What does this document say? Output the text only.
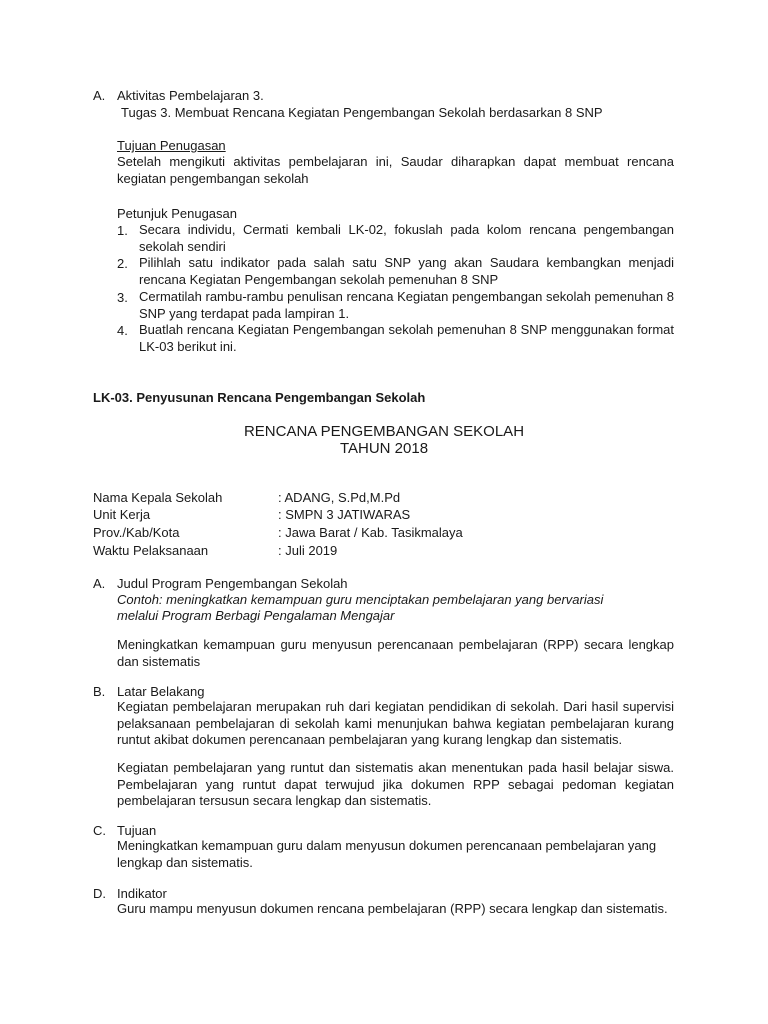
A. Aktivitas Pembelajaran 3.
Tugas 3. Membuat Rencana Kegiatan Pengembangan Sekolah berdasarkan 8 SNP
Tujuan Penugasan
Setelah mengikuti aktivitas pembelajaran ini, Saudar diharapkan dapat membuat rencana kegiatan pengembangan sekolah
Petunjuk Penugasan
1. Secara individu, Cermati kembali LK-02, fokuslah pada kolom rencana pengembangan sekolah sendiri
2. Pilihlah satu indikator pada salah satu SNP yang akan Saudara kembangkan menjadi rencana Kegiatan Pengembangan sekolah pemenuhan 8 SNP
3. Cermatilah rambu-rambu penulisan rencana Kegiatan pengembangan sekolah pemenuhan 8 SNP yang terdapat pada lampiran 1.
4. Buatlah rencana Kegiatan Pengembangan sekolah pemenuhan 8 SNP menggunakan format LK-03 berikut ini.
LK-03. Penyusunan Rencana Pengembangan Sekolah
RENCANA PENGEMBANGAN SEKOLAH
TAHUN 2018
Nama Kepala Sekolah	: ADANG, S.Pd,M.Pd
Unit Kerja	: SMPN 3 JATIWARAS
Prov./Kab/Kota	: Jawa Barat / Kab. Tasikmalaya
Waktu Pelaksanaan	: Juli 2019
A. Judul Program Pengembangan Sekolah
Contoh: meningkatkan kemampuan guru menciptakan pembelajaran yang bervariasi
melalui Program Berbagi Pengalaman Mengajar
Meningkatkan kemampuan guru menyusun perencanaan pembelajaran (RPP) secara lengkap dan sistematis
B. Latar Belakang
Kegiatan pembelajaran merupakan ruh dari kegiatan pendidikan di sekolah. Dari hasil supervisi pelaksanaan pembelajaran di sekolah kami menunjukan bahwa kegiatan pembelajaran kurang runtut akibat dokumen perencanaan pembelajaran yang kurang lengkap dan sistematis.
Kegiatan pembelajaran yang runtut dan sistematis akan menentukan pada hasil belajar siswa. Pembelajaran yang runtut dapat terwujud jika dokumen RPP sebagai pedoman kegiatan pembelajaran tersusun secara lengkap dan sistematis.
C. Tujuan
Meningkatkan kemampuan guru dalam menyusun dokumen perencanaan pembelajaran yang lengkap dan sistematis.
D. Indikator
Guru mampu menyusun dokumen rencana pembelajaran (RPP) secara lengkap dan sistematis.
